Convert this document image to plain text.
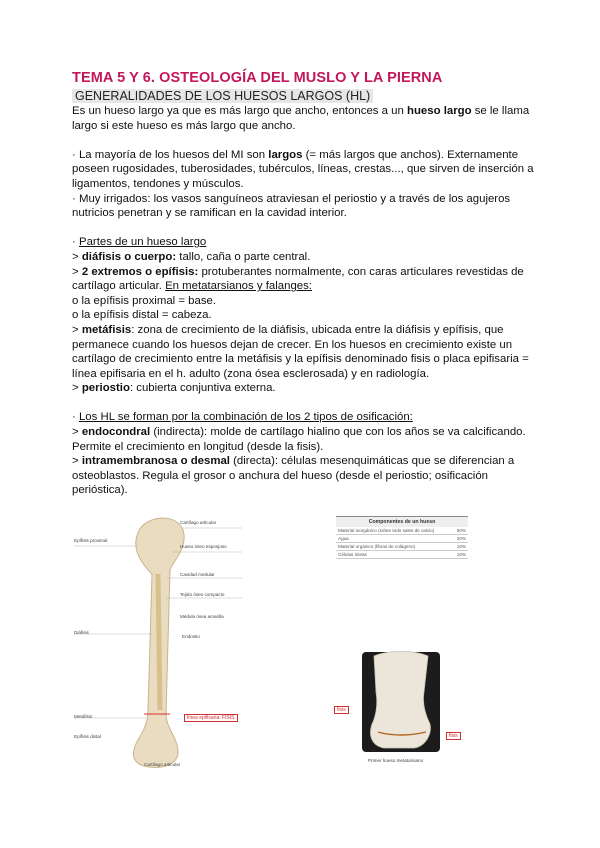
TEMA 5 Y 6. OSTEOLOGÍA DEL MUSLO Y LA PIERNA
GENERALIDADES DE LOS HUESOS LARGOS (HL)

Es un hueso largo ya que es más largo que ancho, entonces a un hueso largo se le llama largo si este hueso es más largo que ancho.

· La mayoría de los huesos del MI son largos (= más largos que anchos). Externamente poseen rugosidades, tuberosidades, tubérculos, líneas, crestas..., que sirven de inserción a ligamentos, tendones y músculos.

· Muy irrigados: los vasos sanguíneos atraviesan el periostio y a través de los agujeros nutricios penetran y se ramifican en la cavidad interior.

· Partes de un hueso largo

> diáfisis o cuerpo: tallo, caña o parte central.

> 2 extremos o epífisis: protuberantes normalmente, con caras articulares revestidas de cartílago articular. En metatarsianos y falanges:

o la epífisis proximal = base.

o la epífisis distal = cabeza.

> metáfisis: zona de crecimiento de la diáfisis, ubicada entre la diáfisis y epífisis, que permanece cuando los huesos dejan de crecer. En los huesos en crecimiento existe un cartílago de crecimiento entre la metáfisis y la epífisis denominado fisis o placa epifisaria = línea epifisaria en el h. adulto (zona ósea esclerosada) y en radiología.

> periostio: cubierta conjuntiva externa.

· Los HL se forman por la combinación de los 2 tipos de osificación:

> endocondral (indirecta): molde de cartílago hialino que con los años se va calcificando. Permite el crecimiento en longitud (desde la fisis).

> intramembranosa o desmal (directa): células mesenquimáticas que se diferencian a osteoblastos. Regula el grosor o anchura del hueso (desde el periostio; osificación perióstica).

Cartílago articular
Epífisis proximal
Hueso óseo esponjoso
Cavidad medular
Tejido óseo compacto
Médula ósea amarilla
Diáfisis
Endostio
Metáfisis
Epífisis distal
Cartílago articular
línea epifisaria: FISIS
Componentes de un hueso
Material inorgánico (sobre todo sales de calcio)	50%
Agua	20%
Material orgánico (fibras de colágeno)	10%
Células óseas	10%
fisis
fisis
Primer hueso metatarsiano
